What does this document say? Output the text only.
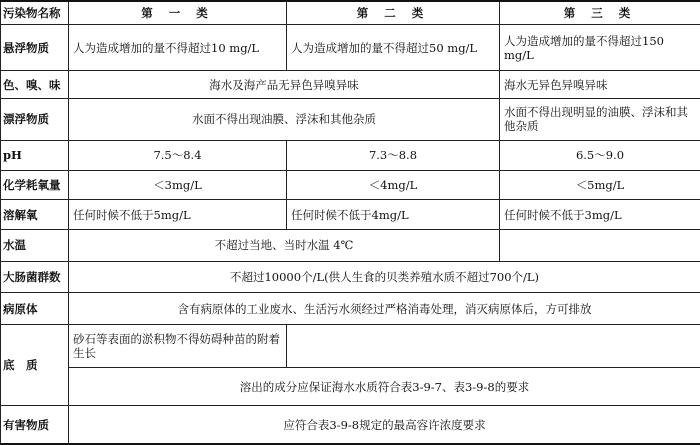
污染物名称	第 一 类	第 二 类	第 三 类
悬浮物质	人为造成增加的量不得超过10 mg/L	人为造成增加的量不得超过50 mg/L	人为造成增加的量不得超过150 mg/L
色、嗅、味	海水及海产品无异色异嗅异味		海水无异色异嗅异味
漂浮物质	水面不得出现油膜、浮沫和其他杂质		水面不得出现明显的油膜、浮沫和其他杂质
pH	7.5～8.4	7.3～8.8	6.5～9.0
化学耗氧量	＜3mg/L	＜4mg/L	＜5mg/L
溶解氧	任何时候不低于5mg/L	任何时候不低于4mg/L	任何时候不低于3mg/L
水温	不超过当地、当时水温 4℃		
大肠菌群数	不超过10000个/L(供人生食的贝类养殖水质不超过700个/L)		
病原体	含有病原体的工业废水、生活污水须经过严格消毒处理，消灭病原体后，方可排放		
底　质	砂石等表面的淤积物不得妨碍种苗的附着生长		
	溶出的成分应保证海水水质符合表3-9-7、表3-9-8的要求		
有害物质	应符合表3-9-8规定的最高容许浓度要求		
